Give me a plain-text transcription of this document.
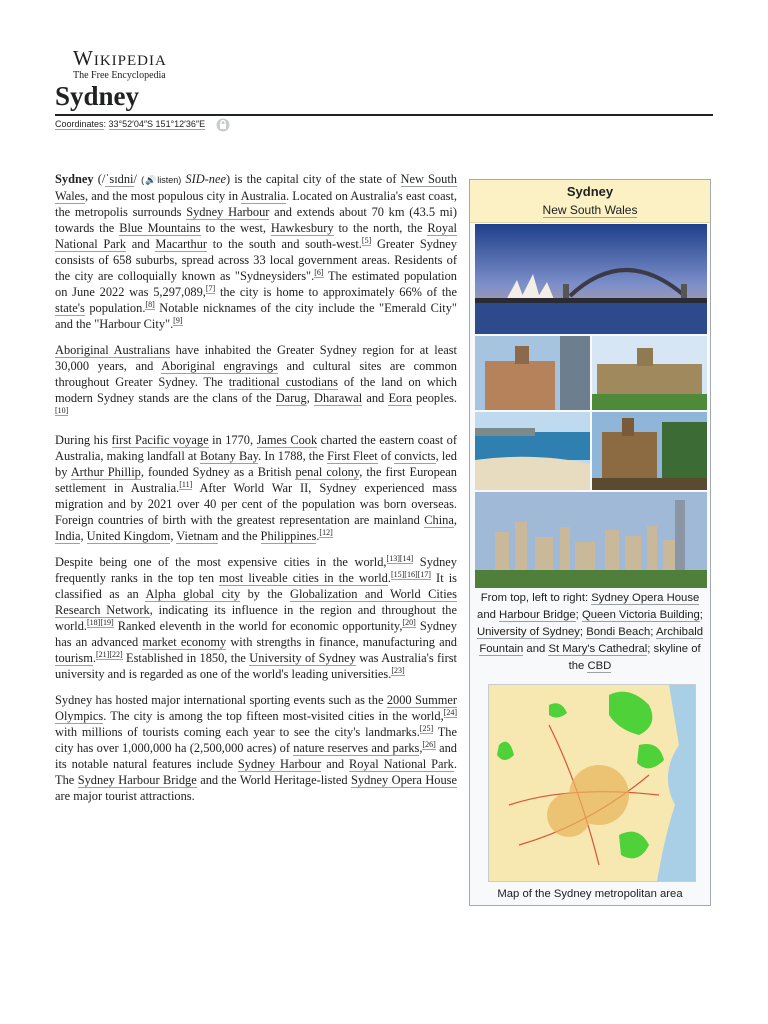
Wikipedia
The Free Encyclopedia
Sydney
Coordinates: 33°52′04″S 151°12′36″E

Sydney (/ˈsɪdni/ (🔊listen) SID-nee) is the capital city of the state of New South Wales, and the most populous city in Australia. Located on Australia's east coast, the metropolis surrounds Sydney Harbour and extends about 70 km (43.5 mi) towards the Blue Mountains to the west, Hawkesbury to the north, the Royal National Park and Macarthur to the south and south-west.[5] Greater Sydney consists of 658 suburbs, spread across 33 local government areas. Residents of the city are colloquially known as "Sydneysiders".[6] The estimated population on June 2022 was 5,297,089,[7] the city is home to approximately 66% of the state's population.[8] Notable nicknames of the city include the "Emerald City" and the "Harbour City".[9]

Aboriginal Australians have inhabited the Greater Sydney region for at least 30,000 years, and Aboriginal engravings and cultural sites are common throughout Greater Sydney. The traditional custodians of the land on which modern Sydney stands are the clans of the Darug, Dharawal and Eora peoples.[10]

During his first Pacific voyage in 1770, James Cook charted the eastern coast of Australia, making landfall at Botany Bay. In 1788, the First Fleet of convicts, led by Arthur Phillip, founded Sydney as a British penal colony, the first European settlement in Australia.[11] After World War II, Sydney experienced mass migration and by 2021 over 40 per cent of the population was born overseas. Foreign countries of birth with the greatest representation are mainland China, India, United Kingdom, Vietnam and the Philippines.[12]

Despite being one of the most expensive cities in the world,[13][14] Sydney frequently ranks in the top ten most liveable cities in the world.[15][16][17] It is classified as an Alpha global city by the Globalization and World Cities Research Network, indicating its influence in the region and throughout the world.[18][19] Ranked eleventh in the world for economic opportunity,[20] Sydney has an advanced market economy with strengths in finance, manufacturing and tourism.[21][22] Established in 1850, the University of Sydney was Australia's first university and is regarded as one of the world's leading universities.[23]

Sydney has hosted major international sporting events such as the 2000 Summer Olympics. The city is among the top fifteen most-visited cities in the world,[24] with millions of tourists coming each year to see the city's landmarks.[25] The city has over 1,000,000 ha (2,500,000 acres) of nature reserves and parks,[26] and its notable natural features include Sydney Harbour and Royal National Park. The Sydney Harbour Bridge and the World Heritage-listed Sydney Opera House are major tourist attractions.

Sydney
New South Wales
From top, left to right: Sydney Opera House and Harbour Bridge; Queen Victoria Building; University of Sydney; Bondi Beach; Archibald Fountain and St Mary's Cathedral; skyline of the CBD
Map of the Sydney metropolitan area
